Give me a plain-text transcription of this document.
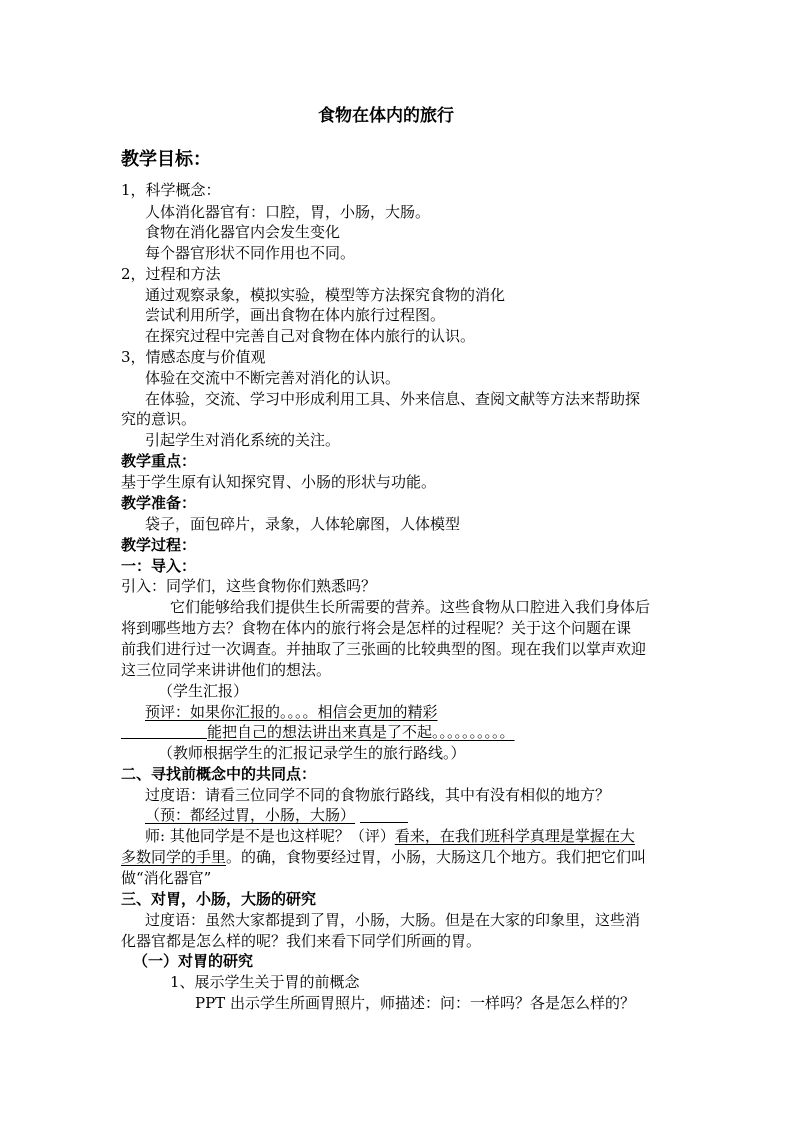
食物在体内的旅行
教学目标：
1，科学概念：
人体消化器官有：口腔，胃，小肠，大肠。
食物在消化器官内会发生变化
每个器官形状不同作用也不同。
2，过程和方法
通过观察录象，模拟实验，模型等方法探究食物的消化
尝试利用所学，画出食物在体内旅行过程图。
在探究过程中完善自己对食物在体内旅行的认识。
3，情感态度与价值观
体验在交流中不断完善对消化的认识。
在体验，交流、学习中形成利用工具、外来信息、查阅文献等方法来帮助探
究的意识。
引起学生对消化系统的关注。
教学重点：
基于学生原有认知探究胃、小肠的形状与功能。
教学准备：
袋子，面包碎片，录象，人体轮廓图，人体模型
教学过程：
一：导入：
引入：同学们，这些食物你们熟悉吗？
它们能够给我们提供生长所需要的营养。这些食物从口腔进入我们身体后
将到哪些地方去？食物在体内的旅行将会是怎样的过程呢？关于这个问题在课
前我们进行过一次调查。并抽取了三张画的比较典型的图。现在我们以掌声欢迎
这三位同学来讲讲他们的想法。
（学生汇报）
预评：如果你汇报的。。。。相信会更加的精彩
能把自己的想法讲出来真是了不起。。。。。。。。。。
（教师根据学生的汇报记录学生的旅行路线。）
二、寻找前概念中的共同点：
过度语：请看三位同学不同的食物旅行路线，其中有没有相似的地方？
（预：都经过胃，小肠，大肠）
师: 其他同学是不是也这样呢？（评）看来，在我们班科学真理是掌握在大
多数同学的手里。的确，食物要经过胃，小肠，大肠这几个地方。我们把它们叫
做“消化器官”
三、对胃，小肠，大肠的研究
过度语：虽然大家都提到了胃，小肠，大肠。但是在大家的印象里，这些消
化器官都是怎么样的呢？我们来看下同学们所画的胃。
（一）对胃的研究
1、展示学生关于胃的前概念
PPT 出示学生所画胃照片，师描述：问：一样吗？各是怎么样的？
